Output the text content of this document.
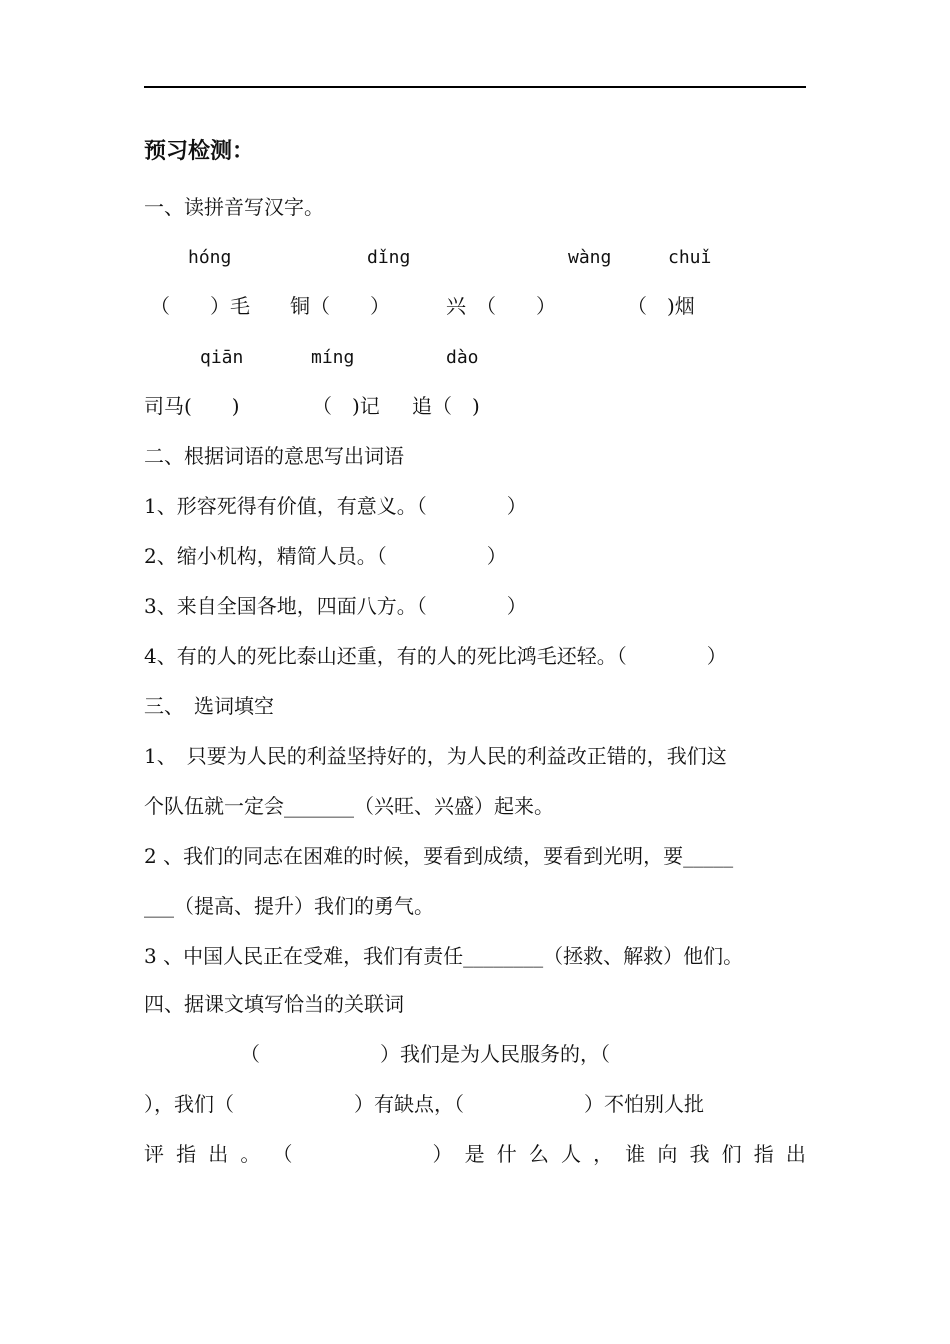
预习检测：
一、读拼音写汉字。
hóng	dǐng	wàng	chuǐ
（　　）毛 铜（　　）	兴　（　　）	（　)烟
qiān	míng	dào
司马(　　)	（　)记 追（　)
二、根据词语的意思写出词语
1、形容死得有价值，有意义。（　　　　）
2、缩小机构，精简人员。（　　　　　）
3、来自全国各地，四面八方。（　　　　）
4、有的人的死比泰山还重，有的人的死比鸿毛还轻。（　　　　）
三、　选词填空
1、　只要为人民的利益坚持好的，为人民的利益改正错的，我们这
个队伍就一定会_______（兴旺、兴盛）起来。
2 、我们的同志在困难的时候，要看到成绩，要看到光明，要_____
___（提高、提升）我们的勇气。
3 、中国人民正在受难，我们有责任________（拯救、解救）他们。
四、据课文填写恰当的关联词
（　　　　　　）我们是为人民服务的，（
），我们（　　　　　　）有缺点，（　　　　　　）不怕别人批
评 指 出 。 （　　　　　　　） 是 什 么 人 ， 谁 向 我 们 指 出
